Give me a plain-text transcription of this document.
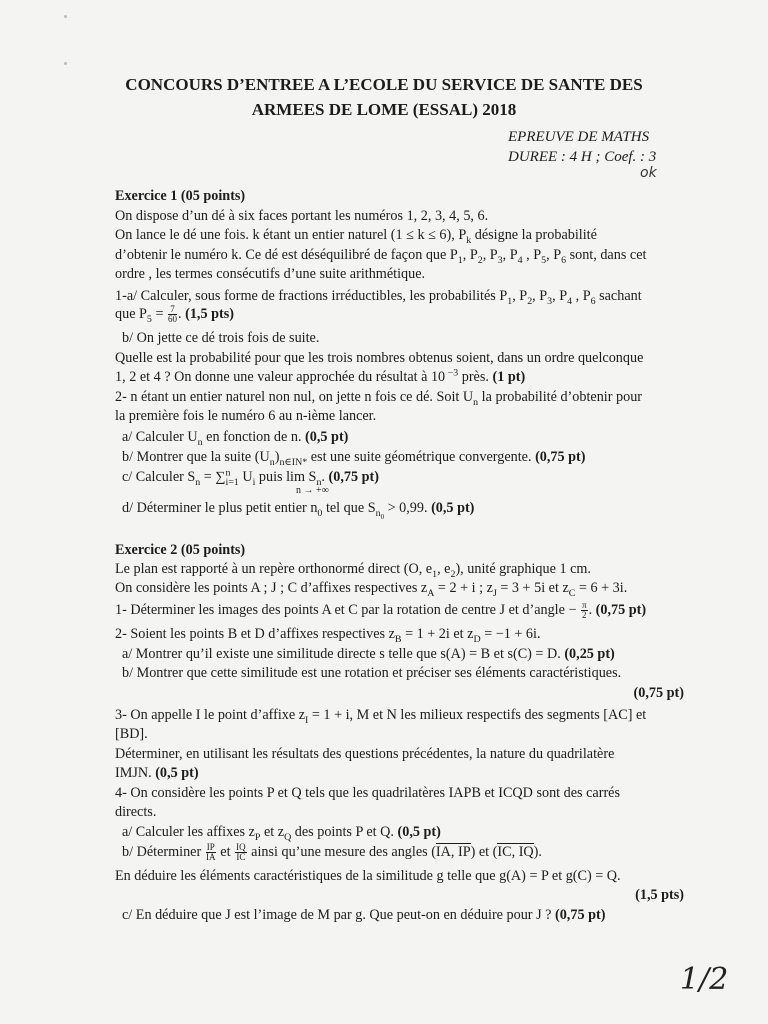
CONCOURS D’ENTREE A L’ECOLE DU SERVICE DE SANTE DES
ARMEES DE LOME (ESSAL) 2018
EPREUVE DE MATHS
DUREE : 4 H ; Coef. : 3
ok
Exercice 1 (05 points)
On dispose d’un dé à six faces portant les numéros 1, 2, 3, 4, 5, 6.
On lance le dé une fois. k étant un entier naturel (1 ≤ k ≤ 6), $P_k$ désigne la probabilité
d’obtenir le numéro k. Ce dé est déséquilibré de façon que $P_1$, $P_2$, $P_3$, $P_4$ , $P_5$, $P_6$ sont, dans cet
ordre , les termes consécutifs d’une suite arithmétique.
1-a/ Calculer, sous forme de fractions irréductibles, les probabilités $P_1$, $P_2$, $P_3$, $P_4$ , $P_6$ sachant
que $P_5 = \frac{7}{60}$ . (1,5 pts)
b/ On jette ce dé trois fois de suite.
Quelle est la probabilité pour que les trois nombres obtenus soient, dans un ordre quelconque
1, 2 et 4 ? On donne une valeur approchée du résultat à 10 $^{-3}$ près. (1 pt)
2- n étant un entier naturel non nul, on jette n fois ce dé. Soit $U_n$ la probabilité d’obtenir pour
la première fois le numéro 6 au n-ième lancer.
a/ Calculer $U_n$ en fonction de n. (0,5 pt)
b/ Montrer que la suite $(U_n)_{n\in IN*}$ est une suite géométrique convergente. (0,75 pt)
c/ Calculer $S_n = \sum^n_{i=1}$ $U_i$ puis $\lim S_n$. (0,75 pt)
n → +∞
d/ Déterminer le plus petit entier $n_0$ tel que $S_{n_0} > 0,99$. (0,5 pt)
Exercice 2 (05 points)
Le plan est rapporté à un repère orthonormé direct (O, $e_1$, $e_2$), unité graphique 1 cm.
On considère les points A ; J ; C d’affixes respectives $z_A = 2 + i$ ; $z_J = 3 + 5i$ et $z_C = 6 + 3i$.
1- Déterminer les images des points A et C par la rotation de centre J et d’angle − $\frac{\pi}{2}$ . (0,75 pt)
2- Soient les points B et D d’affixes respectives $z_B = 1 + 2i$ et $z_D = -1 + 6i$.
a/ Montrer qu’il existe une similitude directe s telle que s(A) = B et s(C) = D. (0,25 pt)
b/ Montrer que cette similitude est une rotation et préciser ses éléments caractéristiques.
(0,75 pt)
3- On appelle I le point d’affixe $z_I = 1 + i$, M et N les milieux respectifs des segments [AC] et
[BD].
Déterminer, en utilisant les résultats des questions précédentes, la nature du quadrilatère
IMJN. (0,5 pt)
4- On considère les points P et Q tels que les quadrilatères IAPB et ICQD sont des carrés
directs.
a/ Calculer les affixes $z_P$ et $z_Q$ des points P et Q. (0,5 pt)
b/ Déterminer $\frac{IP}{IA}$ et $\frac{IQ}{IC}$ ainsi qu’une mesure des angles (IA, IP) et (IC, IQ).
En déduire les éléments caractéristiques de la similitude g telle que g(A) = P et g(C) = Q.
(1,5 pts)
c/ En déduire que J est l’image de M par g. Que peut-on en déduire pour J ? (0,75 pt)
1/2
